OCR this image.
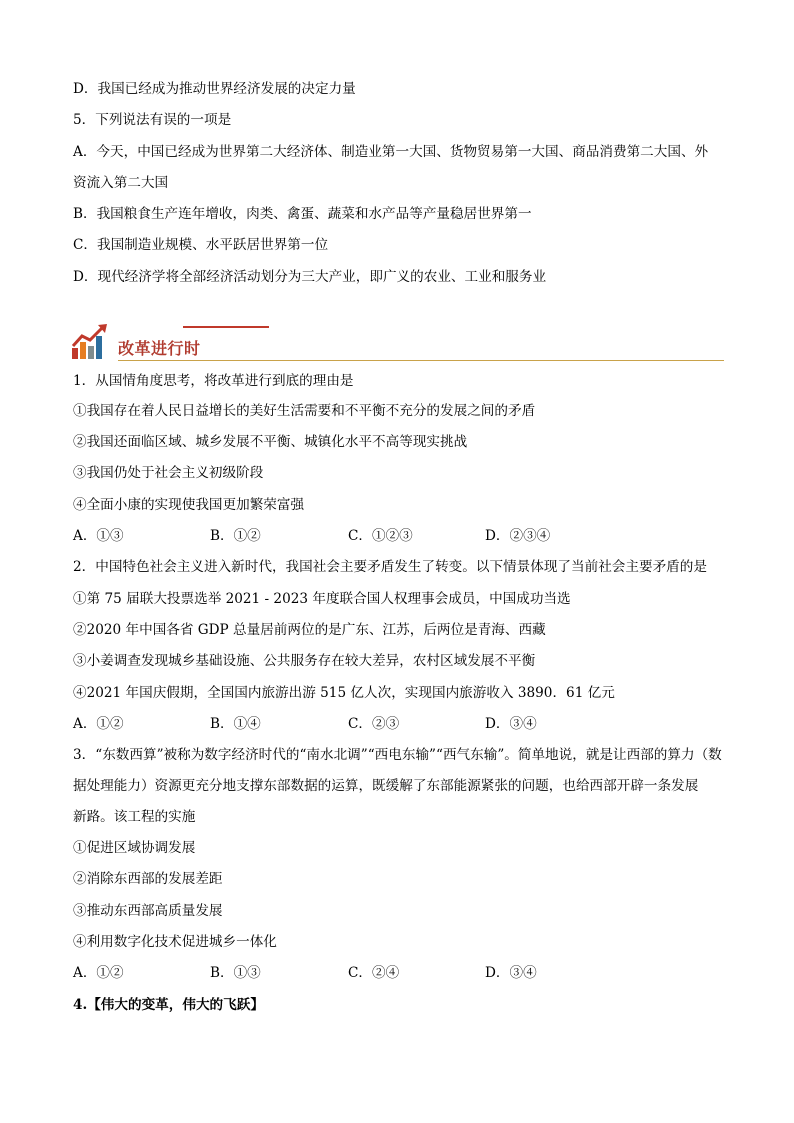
D．我国已经成为推动世界经济发展的决定力量
5．下列说法有误的一项是
A．今天，中国已经成为世界第二大经济体、制造业第一大国、货物贸易第一大国、商品消费第二大国、外
资流入第二大国
B．我国粮食生产连年增收，肉类、禽蛋、蔬菜和水产品等产量稳居世界第一
C．我国制造业规模、水平跃居世界第一位
D．现代经济学将全部经济活动划分为三大产业，即广义的农业、工业和服务业
改革进行时
1．从国情角度思考，将改革进行到底的理由是
①我国存在着人民日益增长的美好生活需要和不平衡不充分的发展之间的矛盾
②我国还面临区域、城乡发展不平衡、城镇化水平不高等现实挑战
③我国仍处于社会主义初级阶段
④全面小康的实现使我国更加繁荣富强
A．①③	B．①②	C．①②③	D．②③④
2．中国特色社会主义进入新时代，我国社会主要矛盾发生了转变。以下情景体现了当前社会主要矛盾的是
①第 75 届联大投票选举 2021 - 2023 年度联合国人权理事会成员，中国成功当选
②2020 年中国各省 GDP 总量居前两位的是广东、江苏，后两位是青海、西藏
③小姜调查发现城乡基础设施、公共服务存在较大差异，农村区域发展不平衡
④2021 年国庆假期，全国国内旅游出游 515 亿人次，实现国内旅游收入 3890．61 亿元
A．①②	B．①④	C．②③	D．③④
3．“东数西算”被称为数字经济时代的“南水北调”“西电东输”“西气东输”。简单地说，就是让西部的算力（数
据处理能力）资源更充分地支撑东部数据的运算，既缓解了东部能源紧张的问题，也给西部开辟一条发展
新路。该工程的实施
①促进区域协调发展
②消除东西部的发展差距
③推动东西部高质量发展
④利用数字化技术促进城乡一体化
A．①②	B．①③	C．②④	D．③④
4.【伟大的变革，伟大的飞跃】
